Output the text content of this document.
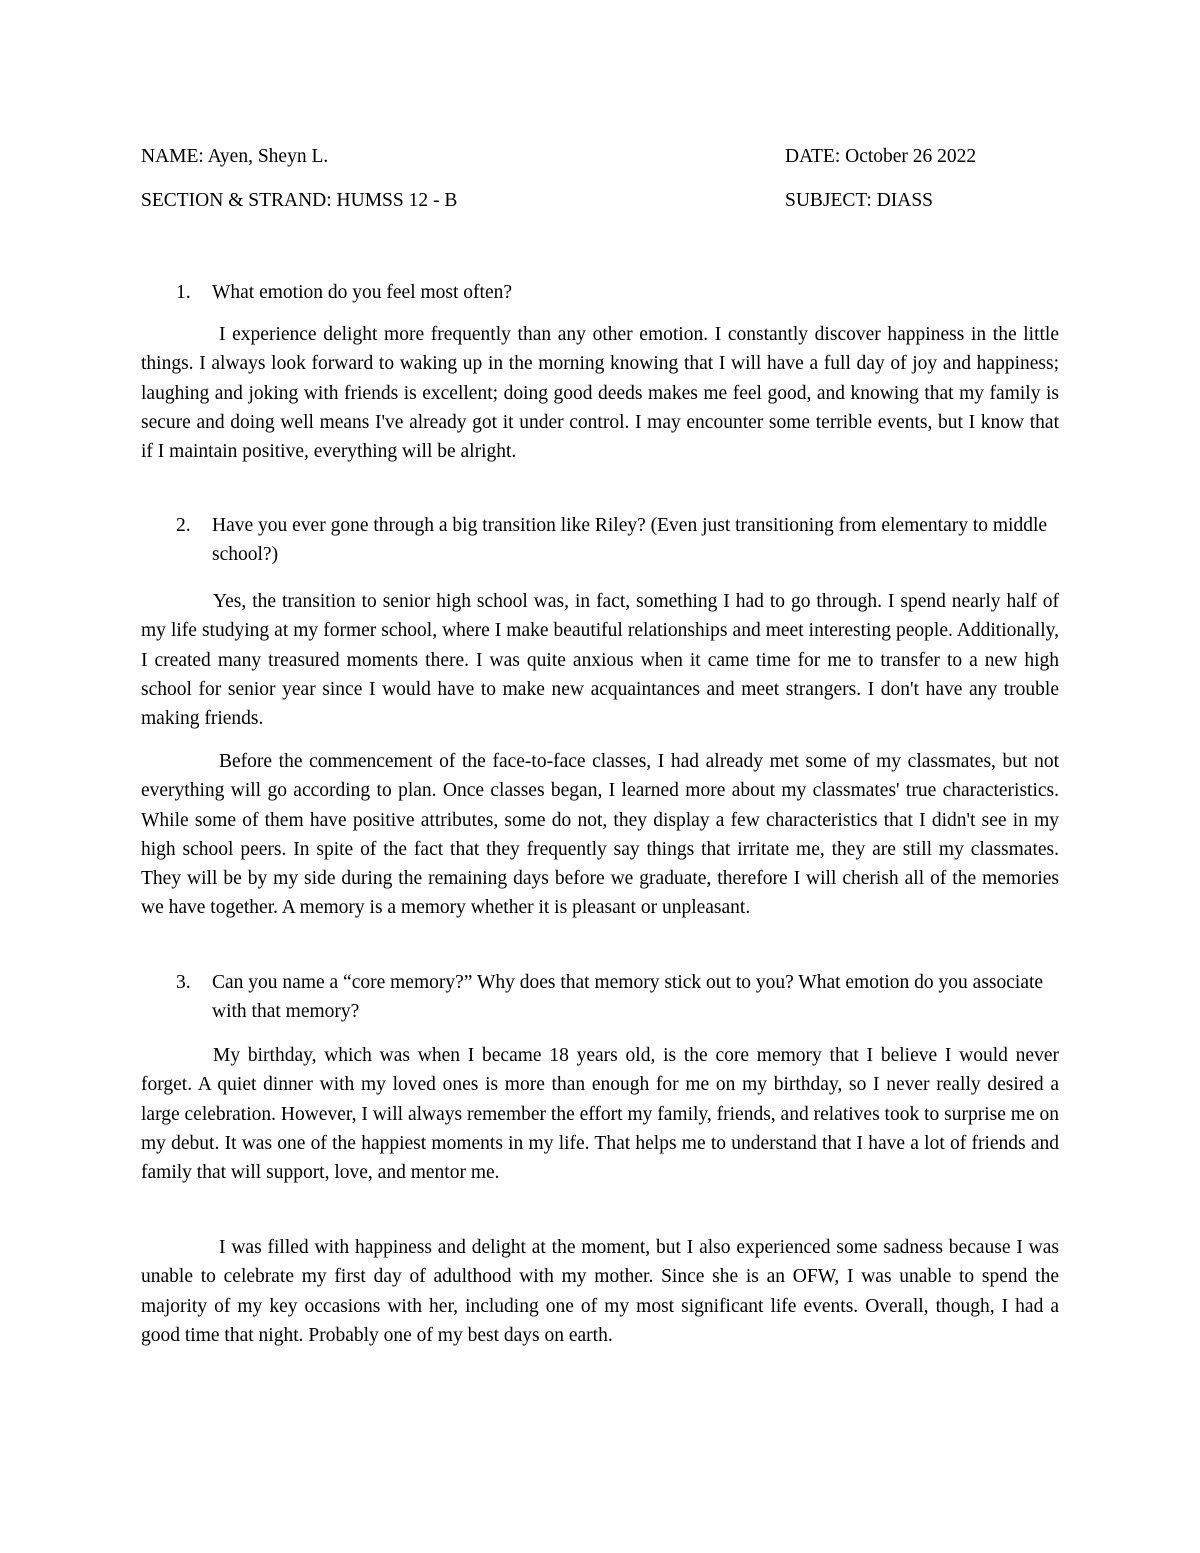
NAME: Ayen, Sheyn L.	DATE: October 26 2022
SECTION & STRAND: HUMSS 12 - B	SUBJECT: DIASS
1. What emotion do you feel most often?
I experience delight more frequently than any other emotion. I constantly discover happiness in the little things. I always look forward to waking up in the morning knowing that I will have a full day of joy and happiness; laughing and joking with friends is excellent; doing good deeds makes me feel good, and knowing that my family is secure and doing well means I've already got it under control. I may encounter some terrible events, but I know that if I maintain positive, everything will be alright.
2. Have you ever gone through a big transition like Riley? (Even just transitioning from elementary to middle school?)
Yes, the transition to senior high school was, in fact, something I had to go through. I spend nearly half of my life studying at my former school, where I make beautiful relationships and meet interesting people. Additionally, I created many treasured moments there. I was quite anxious when it came time for me to transfer to a new high school for senior year since I would have to make new acquaintances and meet strangers. I don't have any trouble making friends.
Before the commencement of the face-to-face classes, I had already met some of my classmates, but not everything will go according to plan. Once classes began, I learned more about my classmates' true characteristics. While some of them have positive attributes, some do not, they display a few characteristics that I didn't see in my high school peers. In spite of the fact that they frequently say things that irritate me, they are still my classmates. They will be by my side during the remaining days before we graduate, therefore I will cherish all of the memories we have together. A memory is a memory whether it is pleasant or unpleasant.
3. Can you name a “core memory?” Why does that memory stick out to you? What emotion do you associate with that memory?
My birthday, which was when I became 18 years old, is the core memory that I believe I would never forget. A quiet dinner with my loved ones is more than enough for me on my birthday, so I never really desired a large celebration. However, I will always remember the effort my family, friends, and relatives took to surprise me on my debut. It was one of the happiest moments in my life. That helps me to understand that I have a lot of friends and family that will support, love, and mentor me.
I was filled with happiness and delight at the moment, but I also experienced some sadness because I was unable to celebrate my first day of adulthood with my mother. Since she is an OFW, I was unable to spend the majority of my key occasions with her, including one of my most significant life events. Overall, though, I had a good time that night. Probably one of my best days on earth.
